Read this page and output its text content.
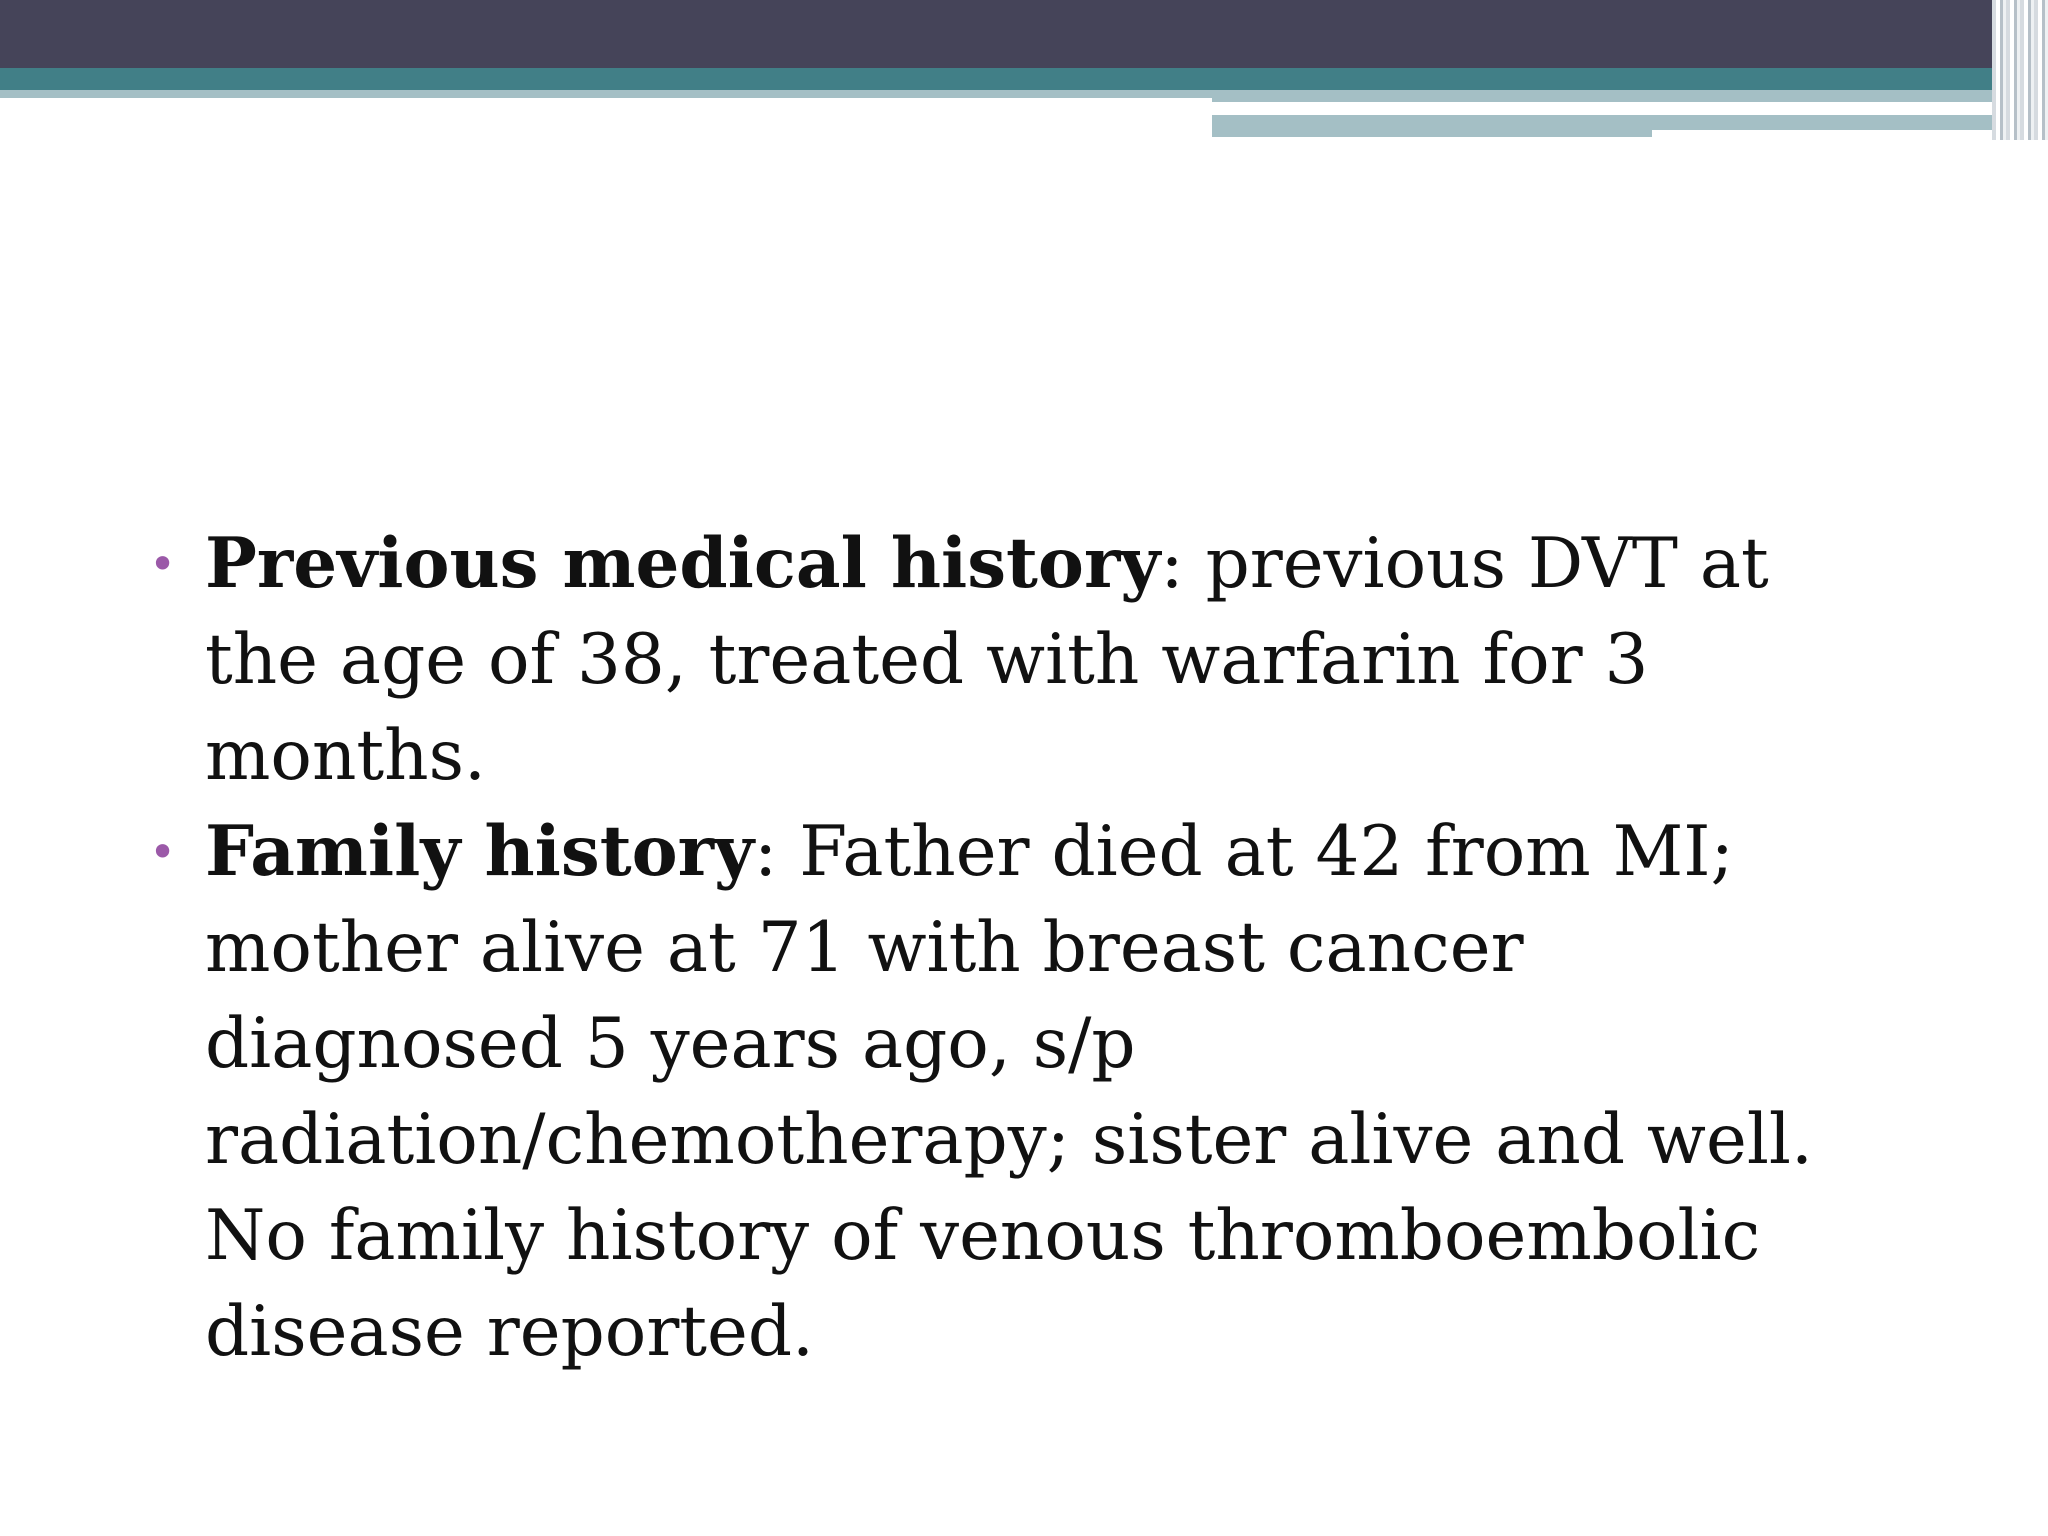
• Previous medical history: previous DVT at the age of 38, treated with warfarin for 3 months.
• Family history: Father died at 42 from MI; mother alive at 71 with breast cancer diagnosed 5 years ago, s/p radiation/chemotherapy; sister alive and well. No family history of venous thromboembolic disease reported.
